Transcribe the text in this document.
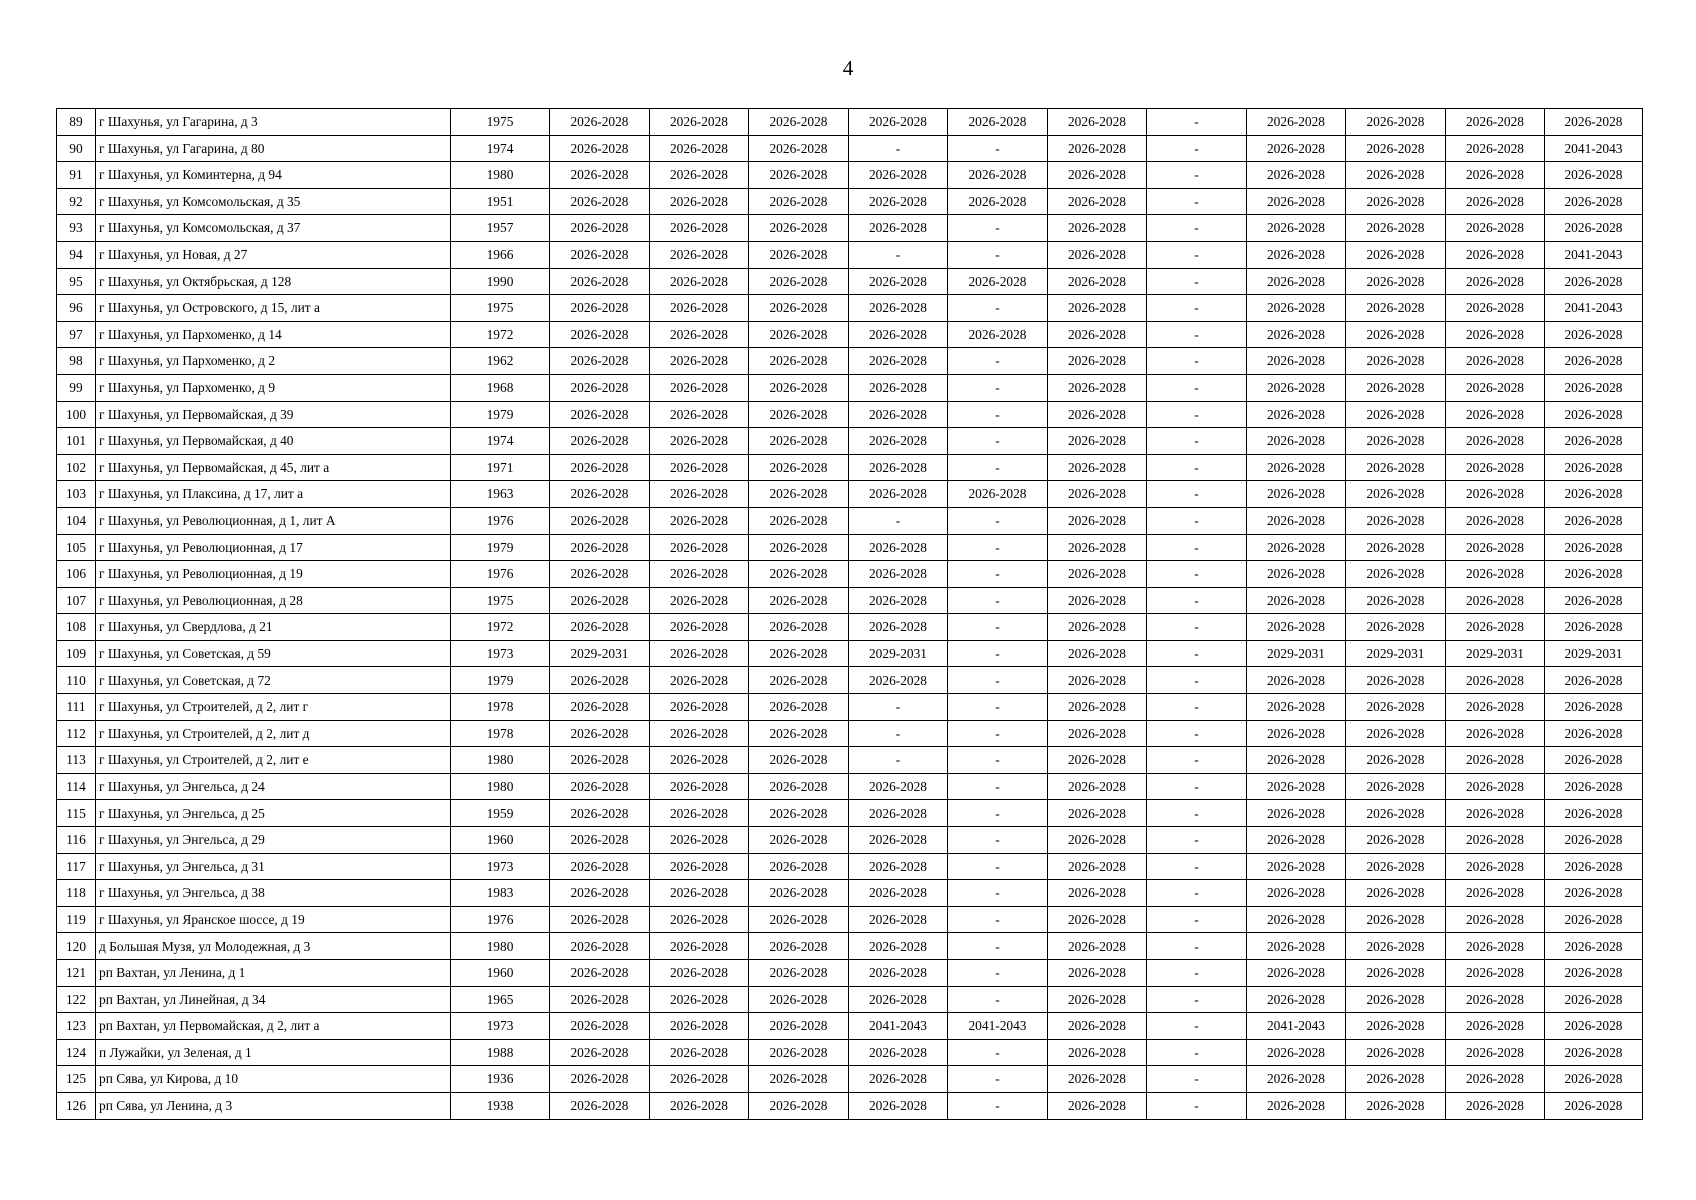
4
89	г Шахунья, ул Гагарина, д 3	1975	2026-2028	2026-2028	2026-2028	2026-2028	2026-2028	2026-2028	-	2026-2028	2026-2028	2026-2028	2026-2028
90	г Шахунья, ул Гагарина, д 80	1974	2026-2028	2026-2028	2026-2028	-	-	2026-2028	-	2026-2028	2026-2028	2026-2028	2041-2043
91	г Шахунья, ул Коминтерна, д 94	1980	2026-2028	2026-2028	2026-2028	2026-2028	2026-2028	2026-2028	-	2026-2028	2026-2028	2026-2028	2026-2028
92	г Шахунья, ул Комсомольская, д 35	1951	2026-2028	2026-2028	2026-2028	2026-2028	2026-2028	2026-2028	-	2026-2028	2026-2028	2026-2028	2026-2028
93	г Шахунья, ул Комсомольская, д 37	1957	2026-2028	2026-2028	2026-2028	2026-2028	-	2026-2028	-	2026-2028	2026-2028	2026-2028	2026-2028
94	г Шахунья, ул Новая, д 27	1966	2026-2028	2026-2028	2026-2028	-	-	2026-2028	-	2026-2028	2026-2028	2026-2028	2041-2043
95	г Шахунья, ул Октябрьская, д 128	1990	2026-2028	2026-2028	2026-2028	2026-2028	2026-2028	2026-2028	-	2026-2028	2026-2028	2026-2028	2026-2028
96	г Шахунья, ул Островского, д 15, лит а	1975	2026-2028	2026-2028	2026-2028	2026-2028	-	2026-2028	-	2026-2028	2026-2028	2026-2028	2041-2043
97	г Шахунья, ул Пархоменко, д 14	1972	2026-2028	2026-2028	2026-2028	2026-2028	2026-2028	2026-2028	-	2026-2028	2026-2028	2026-2028	2026-2028
98	г Шахунья, ул Пархоменко, д 2	1962	2026-2028	2026-2028	2026-2028	2026-2028	-	2026-2028	-	2026-2028	2026-2028	2026-2028	2026-2028
99	г Шахунья, ул Пархоменко, д 9	1968	2026-2028	2026-2028	2026-2028	2026-2028	-	2026-2028	-	2026-2028	2026-2028	2026-2028	2026-2028
100	г Шахунья, ул Первомайская, д 39	1979	2026-2028	2026-2028	2026-2028	2026-2028	-	2026-2028	-	2026-2028	2026-2028	2026-2028	2026-2028
101	г Шахунья, ул Первомайская, д 40	1974	2026-2028	2026-2028	2026-2028	2026-2028	-	2026-2028	-	2026-2028	2026-2028	2026-2028	2026-2028
102	г Шахунья, ул Первомайская, д 45, лит а	1971	2026-2028	2026-2028	2026-2028	2026-2028	-	2026-2028	-	2026-2028	2026-2028	2026-2028	2026-2028
103	г Шахунья, ул Плаксина, д 17, лит а	1963	2026-2028	2026-2028	2026-2028	2026-2028	2026-2028	2026-2028	-	2026-2028	2026-2028	2026-2028	2026-2028
104	г Шахунья, ул Революционная, д 1, лит А	1976	2026-2028	2026-2028	2026-2028	-	-	2026-2028	-	2026-2028	2026-2028	2026-2028	2026-2028
105	г Шахунья, ул Революционная, д 17	1979	2026-2028	2026-2028	2026-2028	2026-2028	-	2026-2028	-	2026-2028	2026-2028	2026-2028	2026-2028
106	г Шахунья, ул Революционная, д 19	1976	2026-2028	2026-2028	2026-2028	2026-2028	-	2026-2028	-	2026-2028	2026-2028	2026-2028	2026-2028
107	г Шахунья, ул Революционная, д 28	1975	2026-2028	2026-2028	2026-2028	2026-2028	-	2026-2028	-	2026-2028	2026-2028	2026-2028	2026-2028
108	г Шахунья, ул Свердлова, д 21	1972	2026-2028	2026-2028	2026-2028	2026-2028	-	2026-2028	-	2026-2028	2026-2028	2026-2028	2026-2028
109	г Шахунья, ул Советская, д 59	1973	2029-2031	2026-2028	2026-2028	2029-2031	-	2026-2028	-	2029-2031	2029-2031	2029-2031	2029-2031
110	г Шахунья, ул Советская, д 72	1979	2026-2028	2026-2028	2026-2028	2026-2028	-	2026-2028	-	2026-2028	2026-2028	2026-2028	2026-2028
111	г Шахунья, ул Строителей, д 2, лит г	1978	2026-2028	2026-2028	2026-2028	-	-	2026-2028	-	2026-2028	2026-2028	2026-2028	2026-2028
112	г Шахунья, ул Строителей, д 2, лит д	1978	2026-2028	2026-2028	2026-2028	-	-	2026-2028	-	2026-2028	2026-2028	2026-2028	2026-2028
113	г Шахунья, ул Строителей, д 2, лит е	1980	2026-2028	2026-2028	2026-2028	-	-	2026-2028	-	2026-2028	2026-2028	2026-2028	2026-2028
114	г Шахунья, ул Энгельса, д 24	1980	2026-2028	2026-2028	2026-2028	2026-2028	-	2026-2028	-	2026-2028	2026-2028	2026-2028	2026-2028
115	г Шахунья, ул Энгельса, д 25	1959	2026-2028	2026-2028	2026-2028	2026-2028	-	2026-2028	-	2026-2028	2026-2028	2026-2028	2026-2028
116	г Шахунья, ул Энгельса, д 29	1960	2026-2028	2026-2028	2026-2028	2026-2028	-	2026-2028	-	2026-2028	2026-2028	2026-2028	2026-2028
117	г Шахунья, ул Энгельса, д 31	1973	2026-2028	2026-2028	2026-2028	2026-2028	-	2026-2028	-	2026-2028	2026-2028	2026-2028	2026-2028
118	г Шахунья, ул Энгельса, д 38	1983	2026-2028	2026-2028	2026-2028	2026-2028	-	2026-2028	-	2026-2028	2026-2028	2026-2028	2026-2028
119	г Шахунья, ул Яранское шоссе, д 19	1976	2026-2028	2026-2028	2026-2028	2026-2028	-	2026-2028	-	2026-2028	2026-2028	2026-2028	2026-2028
120	д Большая Музя, ул Молодежная, д 3	1980	2026-2028	2026-2028	2026-2028	2026-2028	-	2026-2028	-	2026-2028	2026-2028	2026-2028	2026-2028
121	рп Вахтан, ул Ленина, д 1	1960	2026-2028	2026-2028	2026-2028	2026-2028	-	2026-2028	-	2026-2028	2026-2028	2026-2028	2026-2028
122	рп Вахтан, ул Линейная, д 34	1965	2026-2028	2026-2028	2026-2028	2026-2028	-	2026-2028	-	2026-2028	2026-2028	2026-2028	2026-2028
123	рп Вахтан, ул Первомайская, д 2, лит а	1973	2026-2028	2026-2028	2026-2028	2041-2043	2041-2043	2026-2028	-	2041-2043	2026-2028	2026-2028	2026-2028
124	п Лужайки, ул Зеленая, д 1	1988	2026-2028	2026-2028	2026-2028	2026-2028	-	2026-2028	-	2026-2028	2026-2028	2026-2028	2026-2028
125	рп Сява, ул Кирова, д 10	1936	2026-2028	2026-2028	2026-2028	2026-2028	-	2026-2028	-	2026-2028	2026-2028	2026-2028	2026-2028
126	рп Сява, ул Ленина, д 3	1938	2026-2028	2026-2028	2026-2028	2026-2028	-	2026-2028	-	2026-2028	2026-2028	2026-2028	2026-2028
